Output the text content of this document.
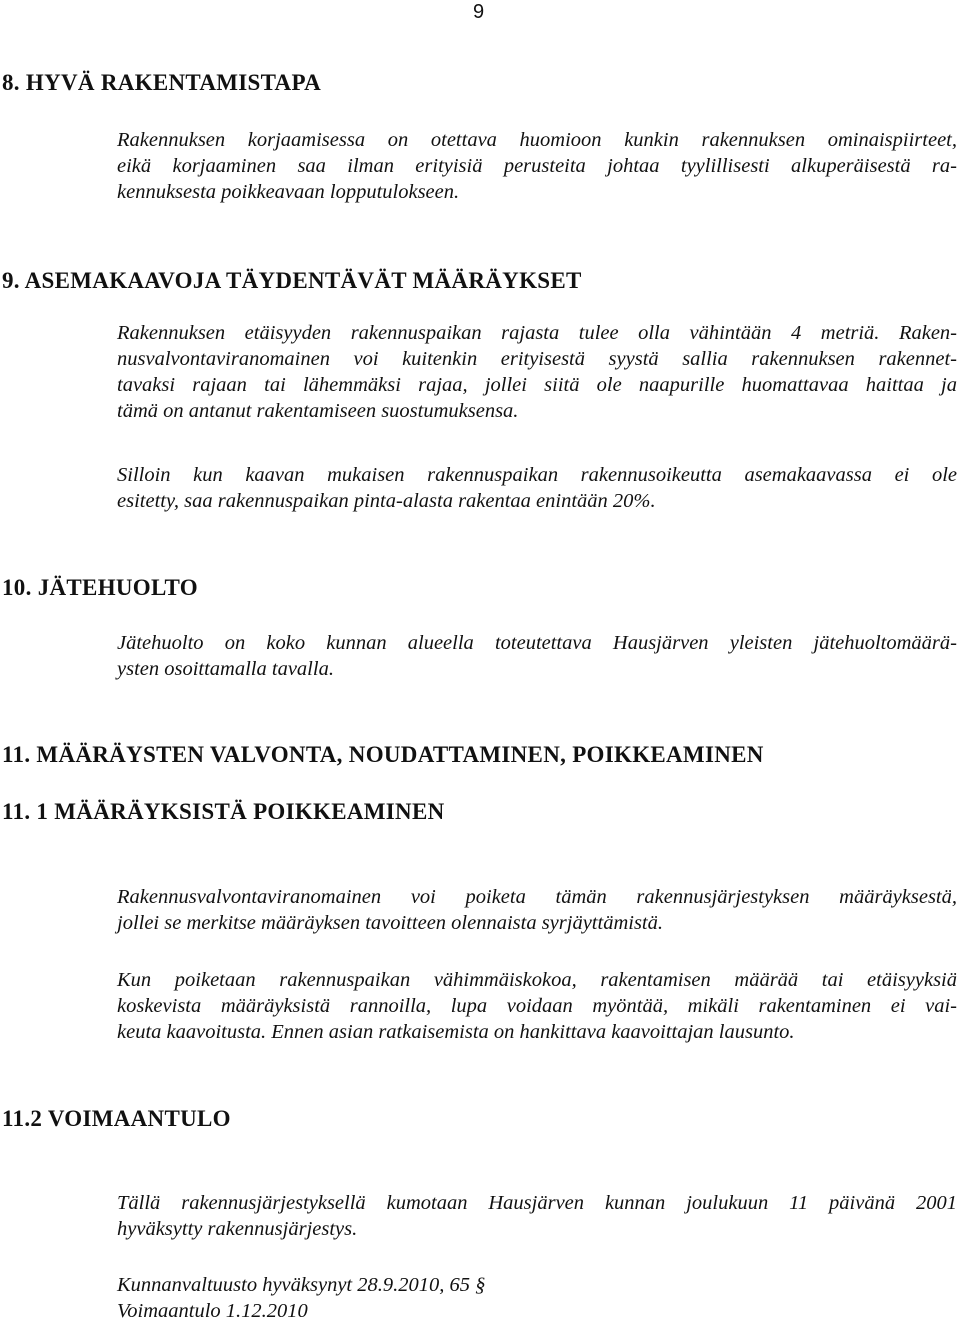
9
8. HYVÄ RAKENTAMISTAPA

Rakennuksen korjaamisessa on otettava huomioon kunkin rakennuksen ominaispiirteet,
eikä korjaaminen saa ilman erityisiä perusteita johtaa tyylillisesti alkuperäisestä ra-
kennuksesta poikkeavaan lopputulokseen.

9. ASEMAKAAVOJA TÄYDENTÄVÄT MÄÄRÄYKSET

Rakennuksen etäisyyden rakennuspaikan rajasta tulee olla vähintään 4 metriä. Raken-
nusvalvontaviranomainen voi kuitenkin erityisestä syystä sallia rakennuksen rakennet-
tavaksi rajaan tai lähemmäksi rajaa, jollei siitä ole naapurille huomattavaa haittaa ja
tämä on antanut rakentamiseen suostumuksensa.

Silloin kun kaavan mukaisen rakennuspaikan rakennusoikeutta asemakaavassa ei ole
esitetty, saa rakennuspaikan pinta-alasta rakentaa enintään 20%.

10. JÄTEHUOLTO

Jätehuolto on koko kunnan alueella toteutettava Hausjärven yleisten jätehuoltomäärä-
ysten osoittamalla tavalla.

11. MÄÄRÄYSTEN VALVONTA, NOUDATTAMINEN, POIKKEAMINEN
11. 1 MÄÄRÄYKSISTÄ POIKKEAMINEN

Rakennusvalvontaviranomainen voi poiketa tämän rakennusjärjestyksen määräyksestä,
jollei se merkitse määräyksen tavoitteen olennaista syrjäyttämistä.

Kun poiketaan rakennuspaikan vähimmäiskokoa, rakentamisen määrää tai etäisyyksiä
koskevista määräyksistä rannoilla, lupa voidaan myöntää, mikäli rakentaminen ei vai-
keuta kaavoitusta. Ennen asian ratkaisemista on hankittava kaavoittajan lausunto.

11.2 VOIMAANTULO

Tällä rakennusjärjestyksellä kumotaan Hausjärven kunnan joulukuun 11 päivänä 2001
hyväksytty rakennusjärjestys.

Kunnanvaltuusto hyväksynyt 28.9.2010, 65 §
Voimaantulo 1.12.2010
